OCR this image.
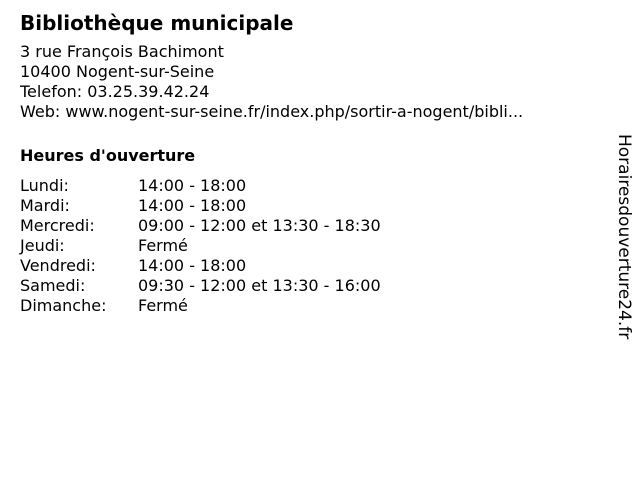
Bibliothèque municipale
3 rue François Bachimont
10400 Nogent-sur-Seine
Telefon: 03.25.39.42.24
Web: www.nogent-sur-seine.fr/index.php/sortir-a-nogent/bibli...
Heures d'ouverture
Lundi:	14:00 - 18:00
Mardi:	14:00 - 18:00
Mercredi:	09:00 - 12:00 et 13:30 - 18:30
Jeudi:	Fermé
Vendredi:	14:00 - 18:00
Samedi:	09:30 - 12:00 et 13:30 - 16:00
Dimanche:	Fermé	Horairesdouverture24.fr
